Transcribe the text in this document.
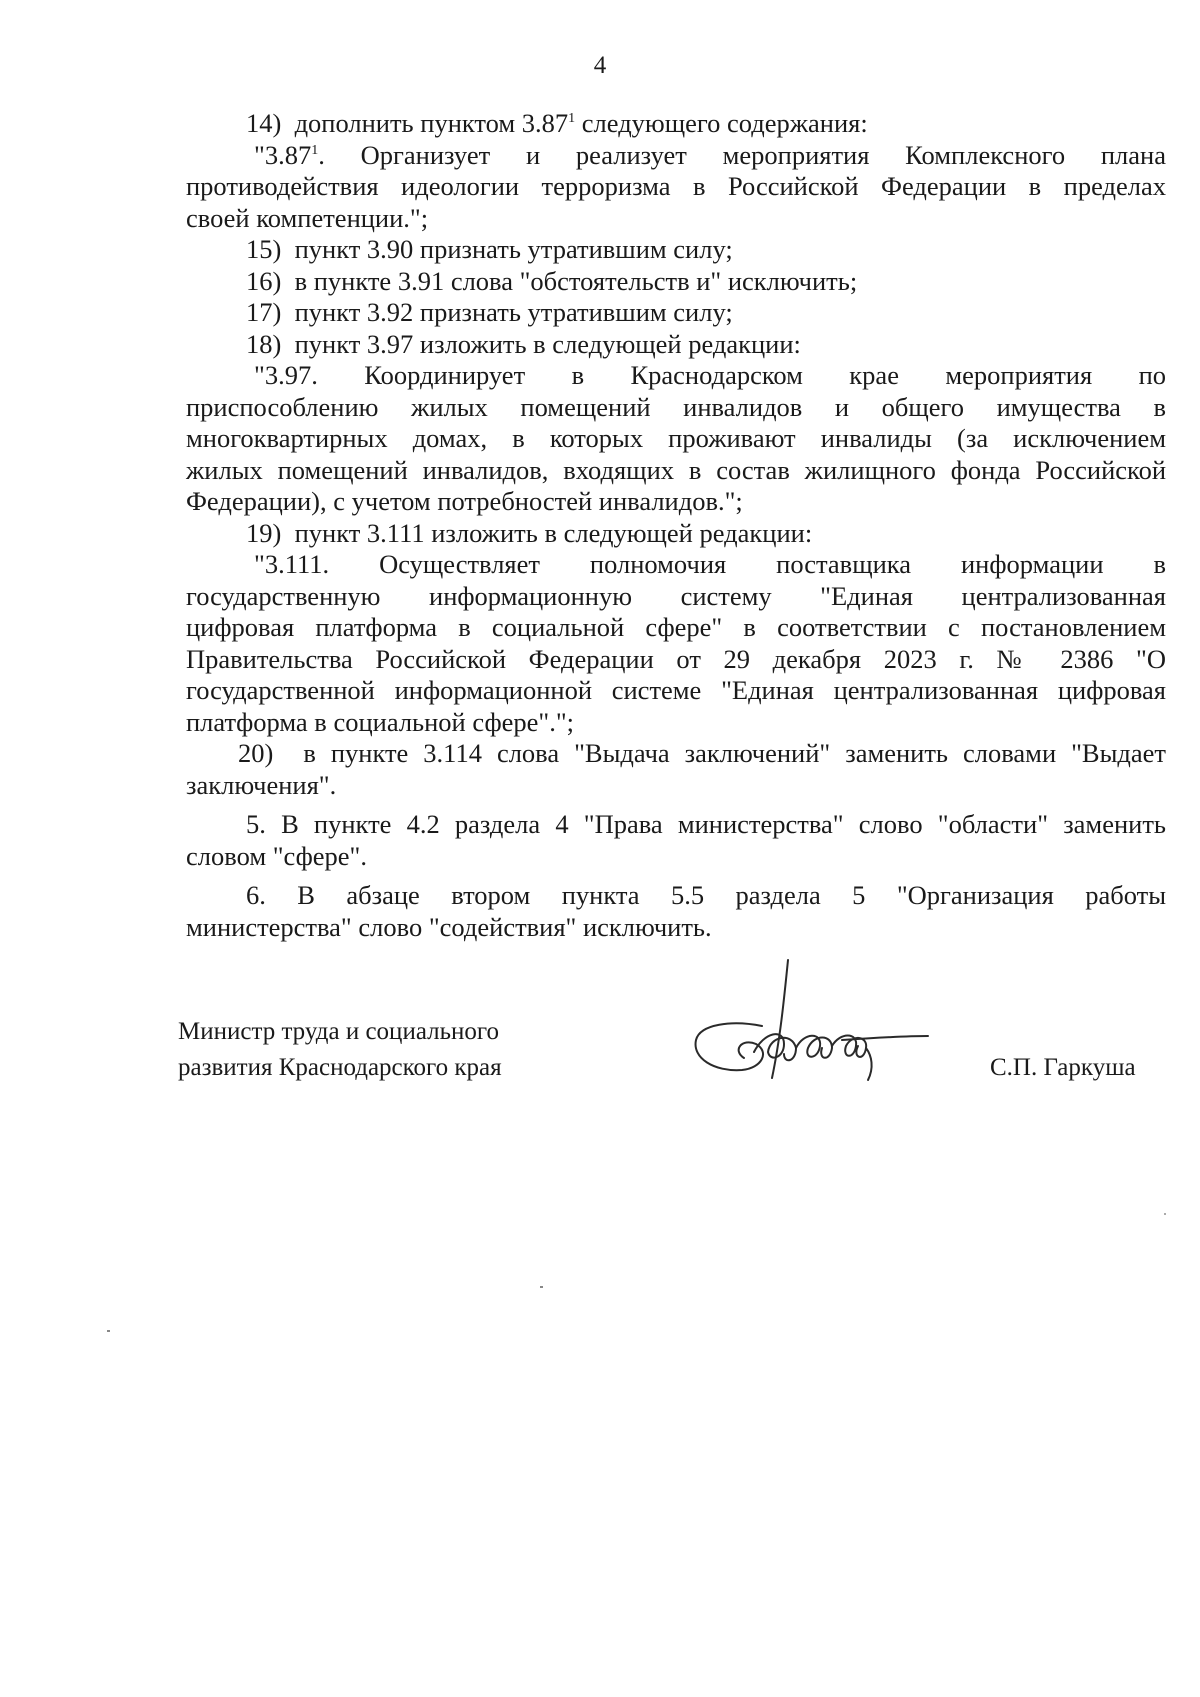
4
14) дополнить пунктом 3.87$^1$ следующего содержания:
"3.87$^1$. Организует и реализует мероприятия Комплексного плана
противодействия идеологии терроризма в Российской Федерации в пределах
своей компетенции.";
15) пункт 3.90 признать утратившим силу;
16) в пункте 3.91 слова "обстоятельств и" исключить;
17) пункт 3.92 признать утратившим силу;
18) пункт 3.97 изложить в следующей редакции:
"3.97. Координирует в Краснодарском крае мероприятия по
приспособлению жилых помещений инвалидов и общего имущества в
многоквартирных домах, в которых проживают инвалиды (за исключением
жилых помещений инвалидов, входящих в состав жилищного фонда Российской
Федерации), с учетом потребностей инвалидов.";
19) пункт 3.111 изложить в следующей редакции:
"3.111. Осуществляет полномочия поставщика информации в
государственную информационную систему "Единая централизованная
цифровая платформа в социальной сфере" в соответствии с постановлением
Правительства Российской Федерации от 29 декабря 2023 г. № 2386 "О
государственной информационной системе "Единая централизованная цифровая
платформа в социальной сфере".";
20) в пункте 3.114 слова "Выдача заключений" заменить словами "Выдает
заключения".
5. В пункте 4.2 раздела 4 "Права министерства" слово "области" заменить
словом "сфере".
6. В абзаце втором пункта 5.5 раздела 5 "Организация работы
министерства" слово "содействия" исключить.
Министр труда и социального
развития Краснодарского края	С.П. Гаркуша
